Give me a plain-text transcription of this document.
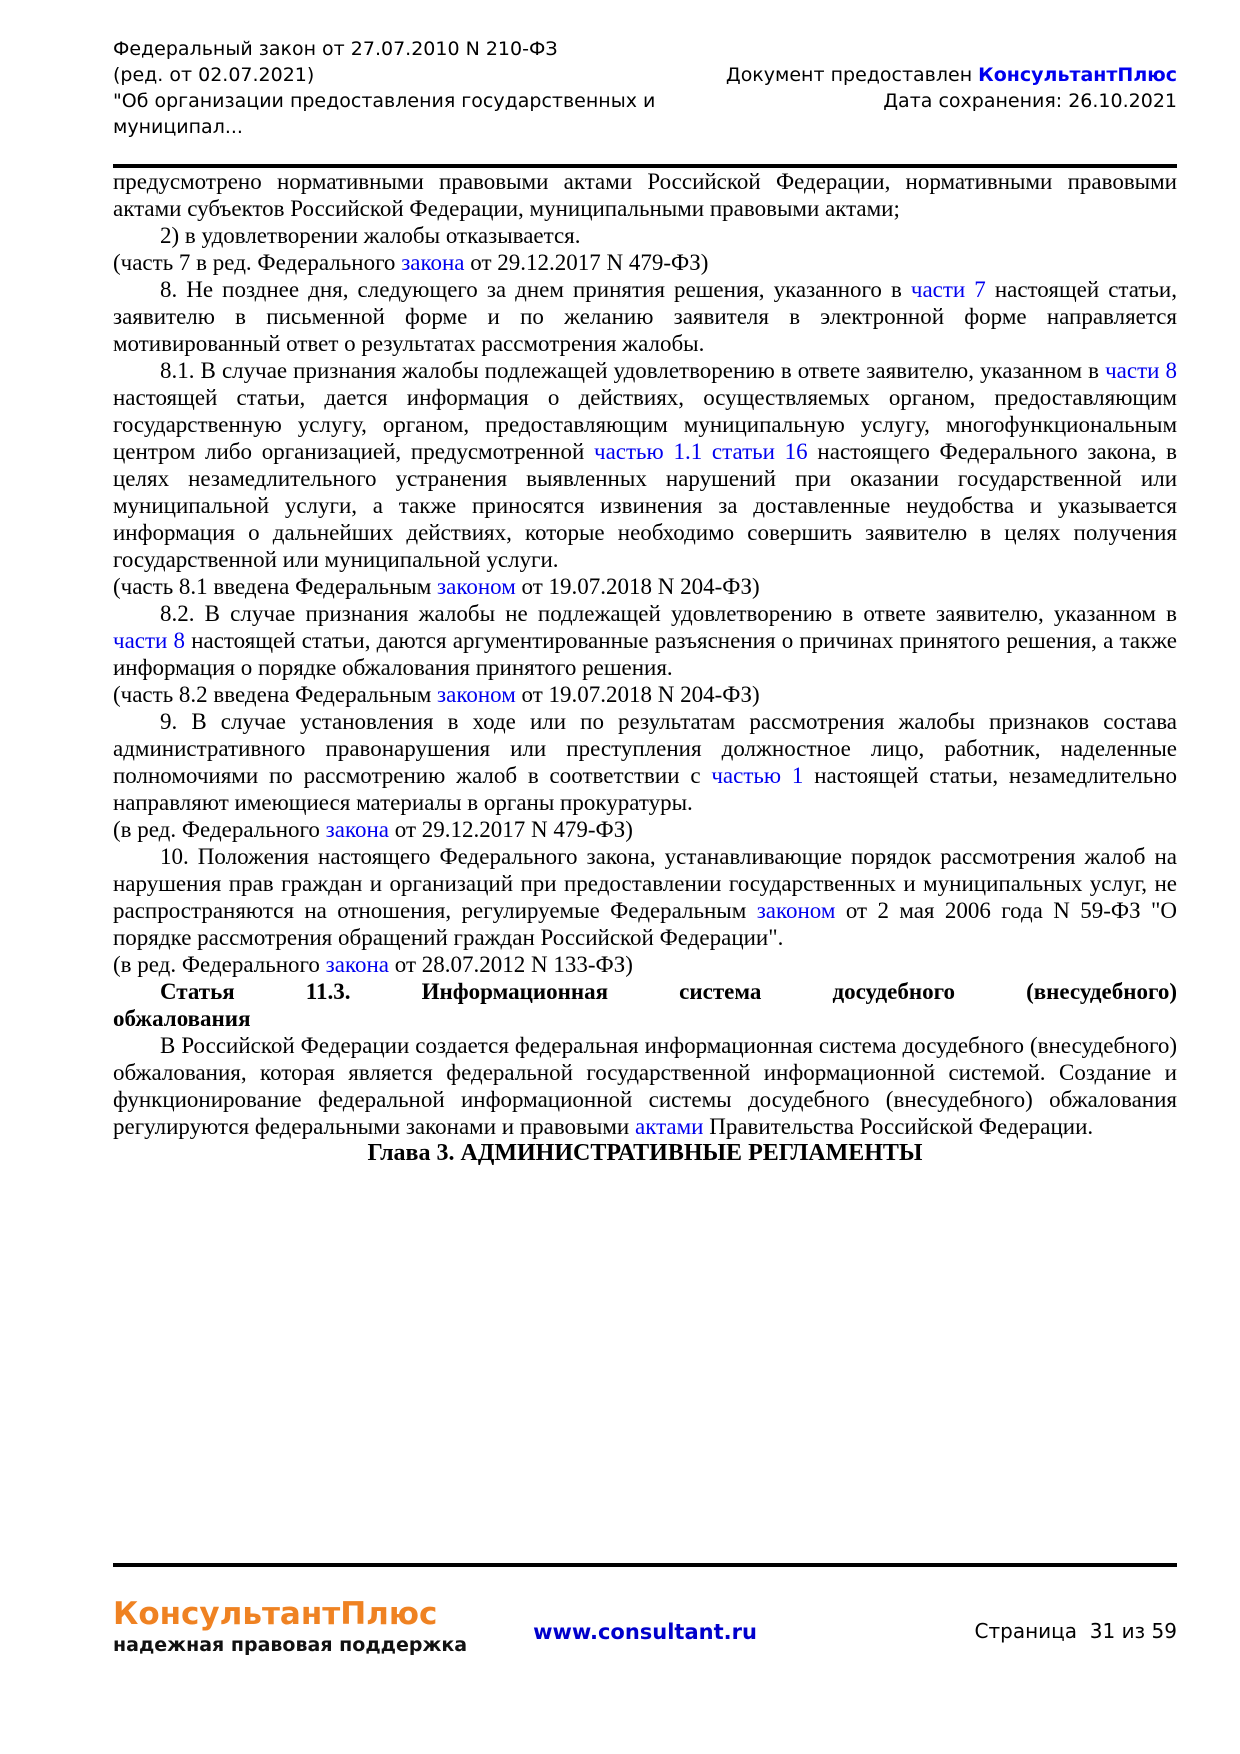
Федеральный закон от 27.07.2010 N 210-ФЗ
(ред. от 02.07.2021)
"Об организации предоставления государственных и
муниципал...
Документ предоставлен КонсультантПлюс
Дата сохранения: 26.10.2021

предусмотрено нормативными правовыми актами Российской Федерации, нормативными правовыми актами субъектов Российской Федерации, муниципальными правовыми актами;

2) в удовлетворении жалобы отказывается.

(часть 7 в ред. Федерального закона от 29.12.2017 N 479-ФЗ)

8. Не позднее дня, следующего за днем принятия решения, указанного в части 7 настоящей статьи, заявителю в письменной форме и по желанию заявителя в электронной форме направляется мотивированный ответ о результатах рассмотрения жалобы.

8.1. В случае признания жалобы подлежащей удовлетворению в ответе заявителю, указанном в части 8 настоящей статьи, дается информация о действиях, осуществляемых органом, предоставляющим государственную услугу, органом, предоставляющим муниципальную услугу, многофункциональным центром либо организацией, предусмотренной частью 1.1 статьи 16 настоящего Федерального закона, в целях незамедлительного устранения выявленных нарушений при оказании государственной или муниципальной услуги, а также приносятся извинения за доставленные неудобства и указывается информация о дальнейших действиях, которые необходимо совершить заявителю в целях получения государственной или муниципальной услуги.

(часть 8.1 введена Федеральным законом от 19.07.2018 N 204-ФЗ)

8.2. В случае признания жалобы не подлежащей удовлетворению в ответе заявителю, указанном в части 8 настоящей статьи, даются аргументированные разъяснения о причинах принятого решения, а также информация о порядке обжалования принятого решения.

(часть 8.2 введена Федеральным законом от 19.07.2018 N 204-ФЗ)

9. В случае установления в ходе или по результатам рассмотрения жалобы признаков состава административного правонарушения или преступления должностное лицо, работник, наделенные полномочиями по рассмотрению жалоб в соответствии с частью 1 настоящей статьи, незамедлительно направляют имеющиеся материалы в органы прокуратуры.

(в ред. Федерального закона от 29.12.2017 N 479-ФЗ)

10. Положения настоящего Федерального закона, устанавливающие порядок рассмотрения жалоб на нарушения прав граждан и организаций при предоставлении государственных и муниципальных услуг, не распространяются на отношения, регулируемые Федеральным законом от 2 мая 2006 года N 59-ФЗ "О порядке рассмотрения обращений граждан Российской Федерации".

(в ред. Федерального закона от 28.07.2012 N 133-ФЗ)

Статья 11.3. Информационная система досудебного (внесудебного)
обжалования

В Российской Федерации создается федеральная информационная система досудебного (внесудебного) обжалования, которая является федеральной государственной информационной системой. Создание и функционирование федеральной информационной системы досудебного (внесудебного) обжалования регулируются федеральными законами и правовыми актами Правительства Российской Федерации.

Глава 3. АДМИНИСТРАТИВНЫЕ РЕГЛАМЕНТЫ

КонсультантПлюс
надежная правовая поддержка
www.consultant.ru	Страница  31 из 59
